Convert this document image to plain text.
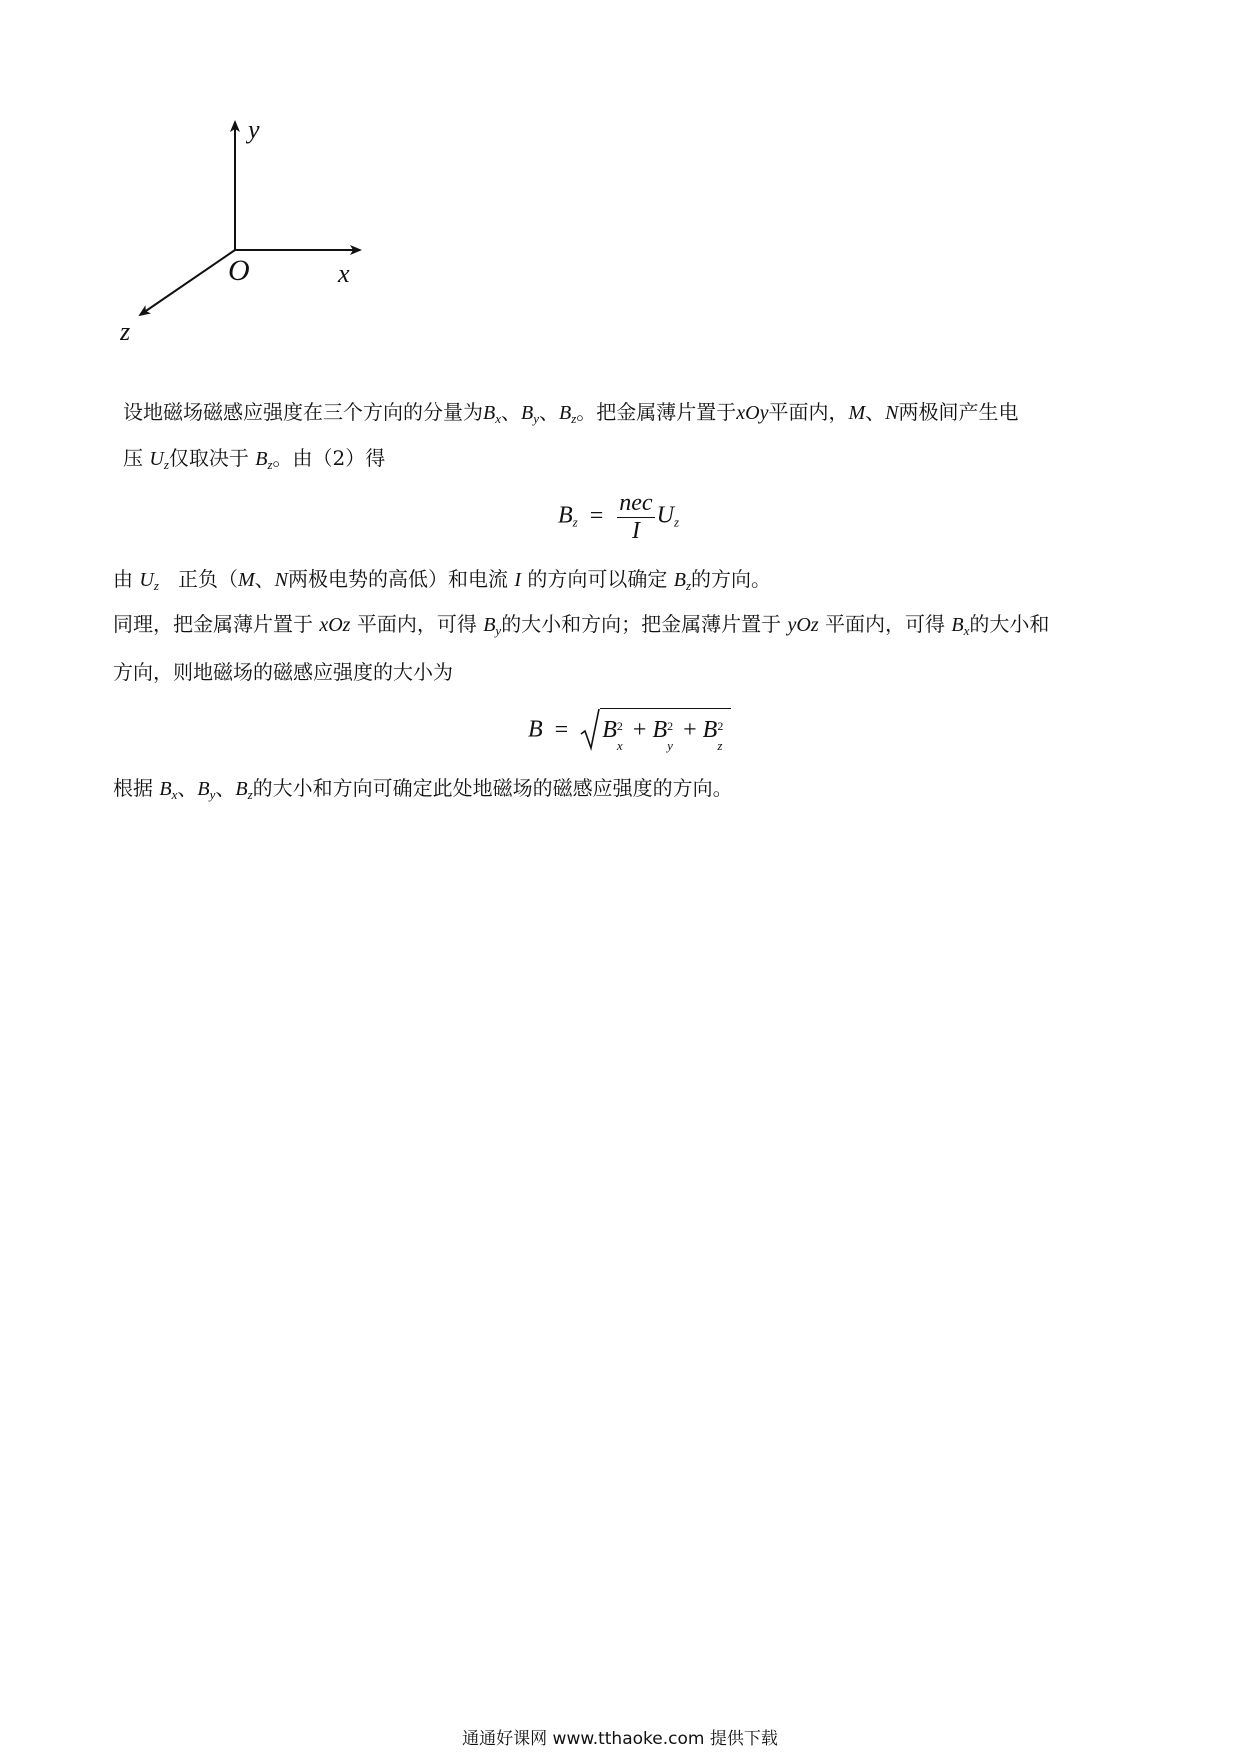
y
x
z
O
设地磁场磁感应强度在三个方向的分量为$B_x$、$B_y$、$B_z$。把金属薄片置于xOy平面内，M、N两极间产生电
压 $U_z$仅取决于 $B_z$。由（2）得
$B_z = \frac{\text{nec}}{I} U_z$
由 $U_z$ 正负（M、N两极电势的高低）和电流 I 的方向可以确定 $B_z$的方向。
同理，把金属薄片置于 xOz 平面内，可得 $B_y$的大小和方向；把金属薄片置于 yOz 平面内，可得 $B_x$的大小和
方向，则地磁场的磁感应强度的大小为
B = B 2
x
+ B 2
y
+ B 2
z
根据 $B_x$、$B_y$、$B_z$的大小和方向可确定此处地磁场的磁感应强度的方向。
通通好课网 www.tthaoke.com 提供下载
